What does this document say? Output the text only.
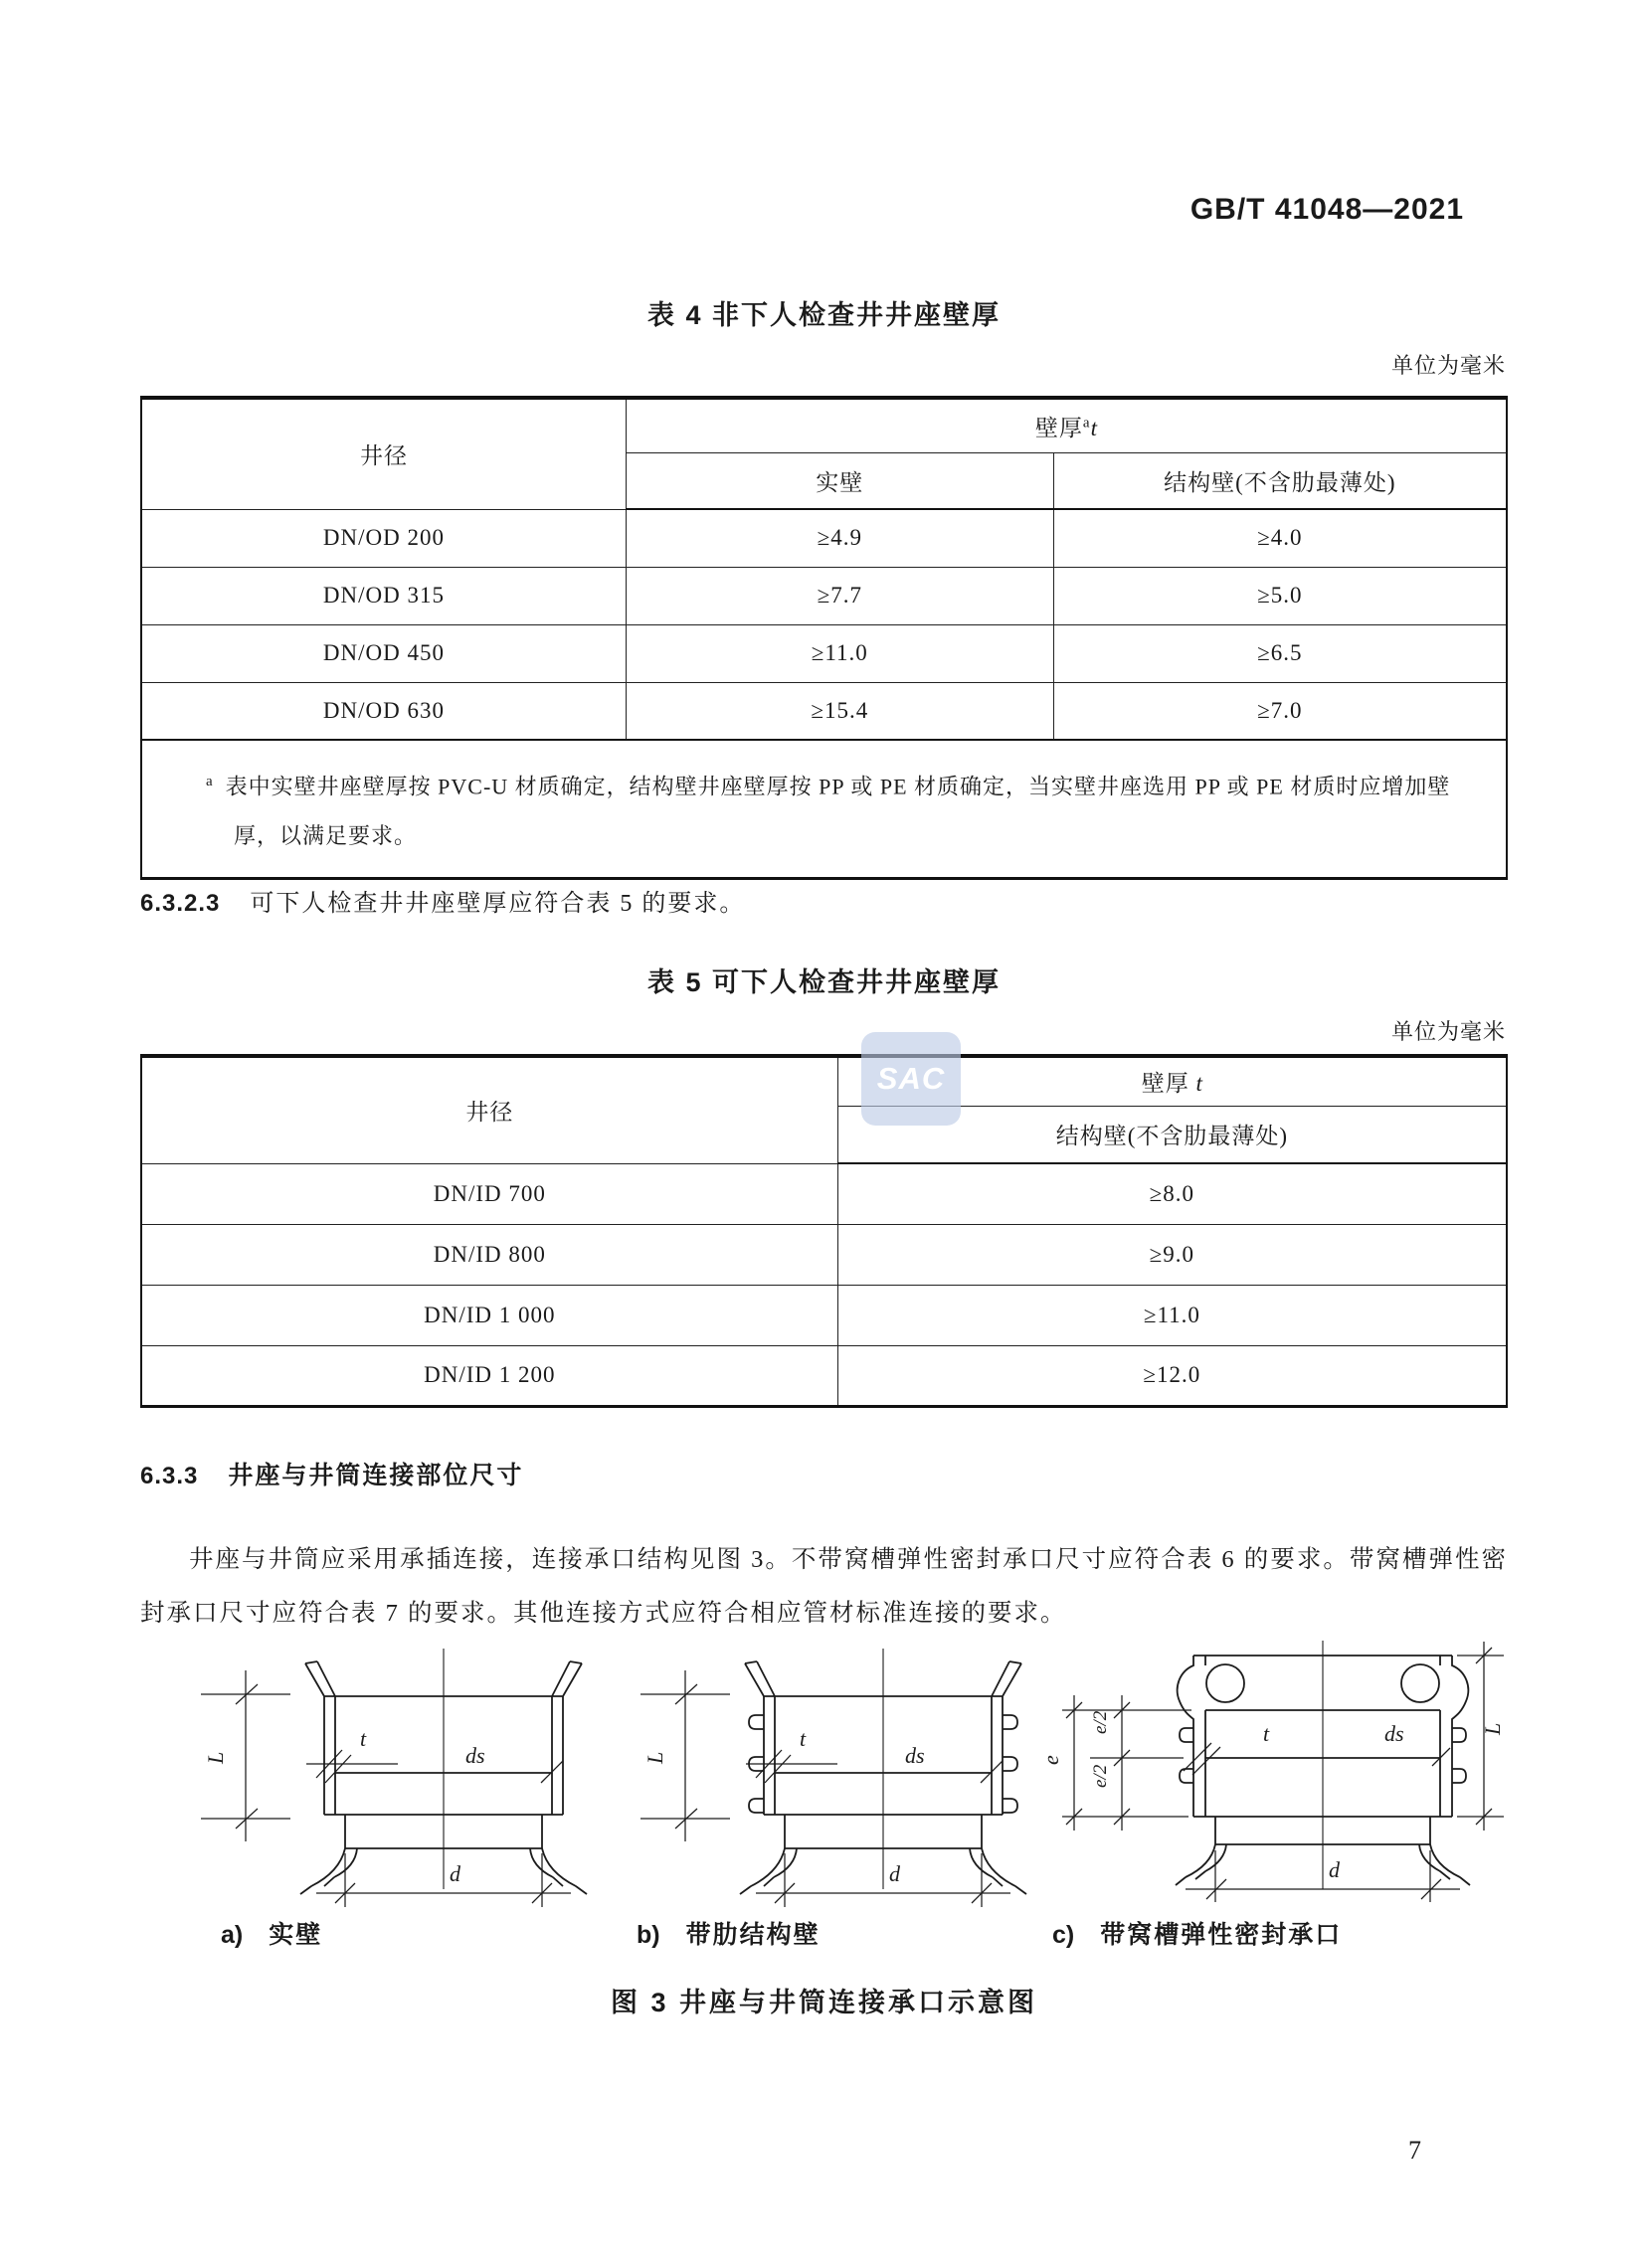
GB/T 41048—2021
表 4 非下人检查井井座壁厚
单位为毫米
井径	壁厚$^a$t	
	实壁	结构壁(不含肋最薄处)
DN/OD 200	≥4.9	≥4.0
DN/OD 315	≥7.7	≥5.0
DN/OD 450	≥11.0	≥6.5
DN/OD 630	≥15.4	≥7.0
$^a$ 表中实壁井座壁厚按 PVC-U 材质确定，结构壁井座壁厚按 PP 或 PE 材质确定，当实壁井座选用 PP 或 PE 材质时应增加壁厚，以满足要求。		
6.3.2.3 可下人检查井井座壁厚应符合表 5 的要求。
表 5 可下人检查井井座壁厚
单位为毫米
井径	壁厚 t
	结构壁(不含肋最薄处)
DN/ID 700	≥8.0
DN/ID 800	≥9.0
DN/ID 1 000	≥11.0
DN/ID 1 200	≥12.0
SAC
6.3.3 井座与井筒连接部位尺寸
井座与井筒应采用承插连接，连接承口结构见图 3。不带窝槽弹性密封承口尺寸应符合表 6 的要求。带窝槽弹性密封承口尺寸应符合表 7 的要求。其他连接方式应符合相应管材标准连接的要求。
L
t
ds
d
L
t
ds
d
e/2
e/2
e
L
t	ds
d
a) 实壁	b) 带肋结构壁	c) 带窝槽弹性密封承口
图 3 井座与井筒连接承口示意图
7
